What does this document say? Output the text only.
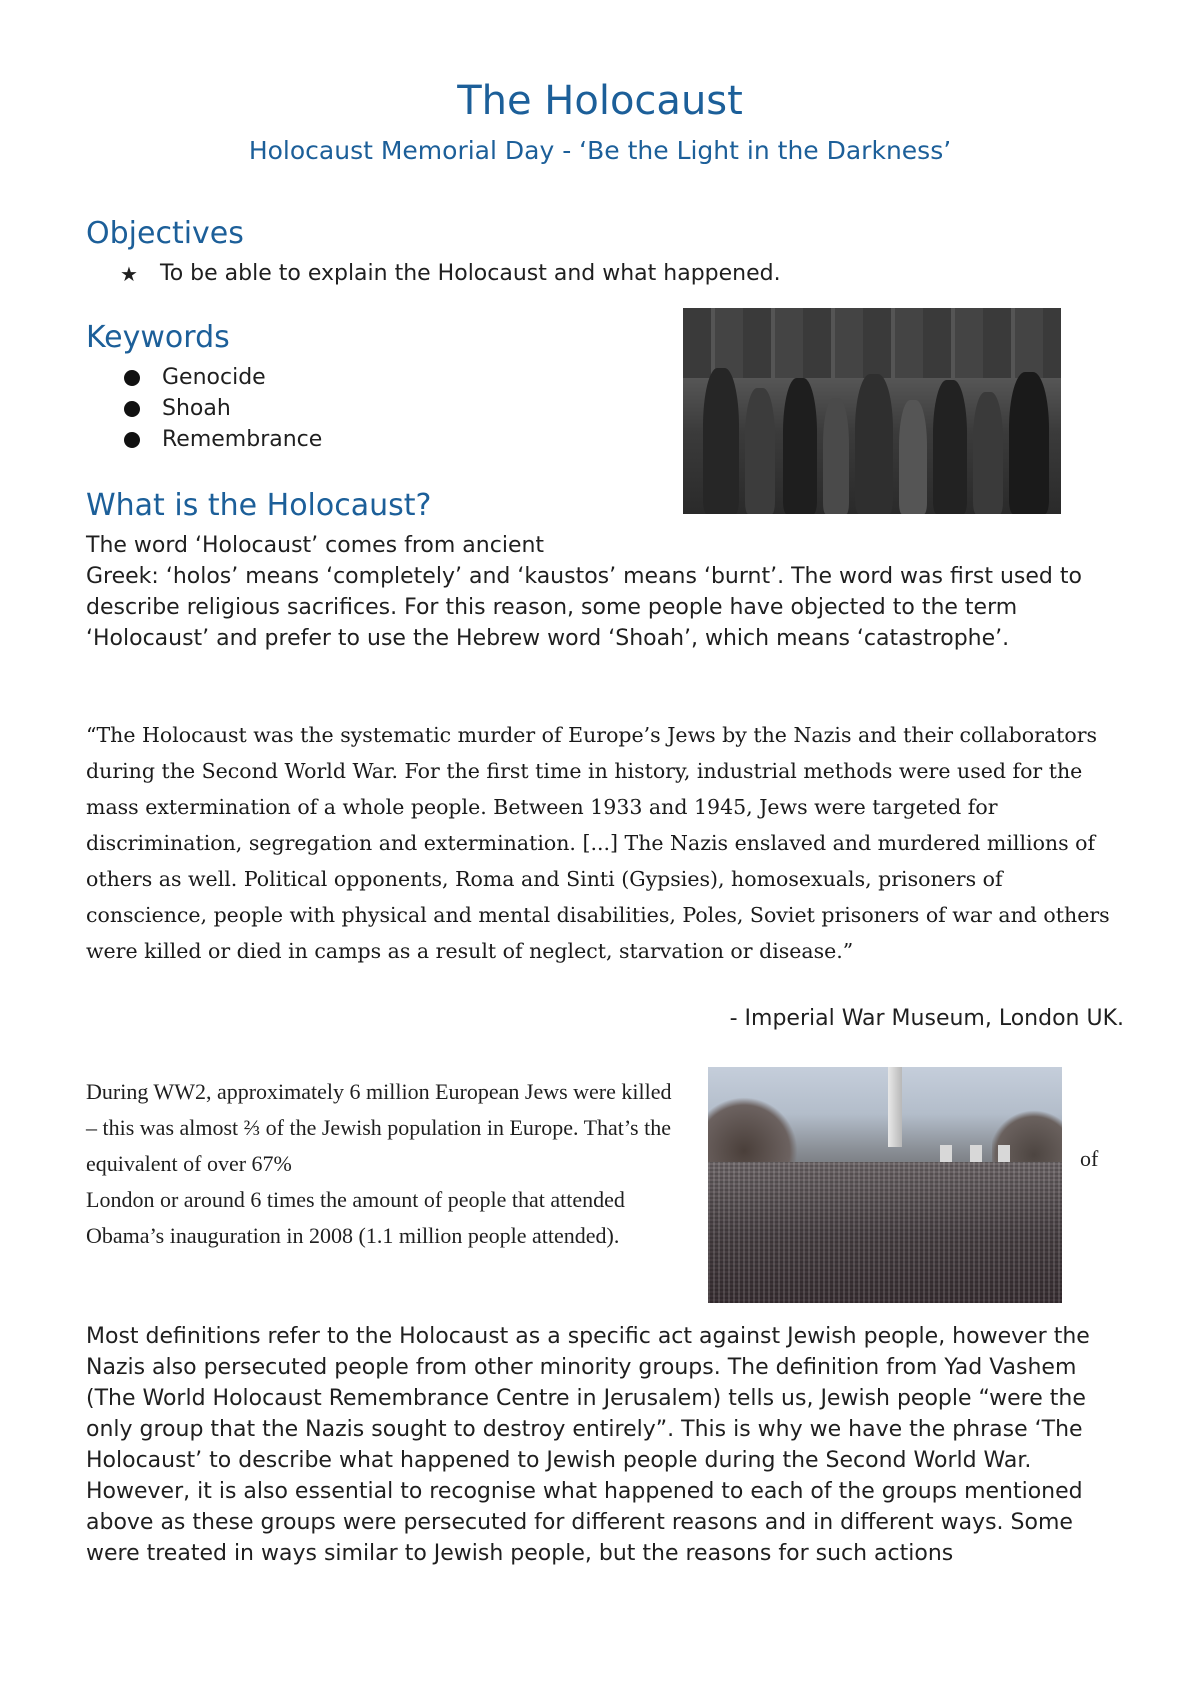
The Holocaust
Holocaust Memorial Day - ‘Be the Light in the Darkness’
Objectives
★ To be able to explain the Holocaust and what happened.
Keywords
Genocide
Shoah
Remembrance
What is the Holocaust?

The word ‘Holocaust’ comes from ancient

Greek: ‘holos’ means ‘completely’ and ‘kaustos’ means ‘burnt’. The word was first used to describe religious sacrifices. For this reason, some people have objected to the term ‘Holocaust’ and prefer to use the Hebrew word ‘Shoah’, which means ‘catastrophe’.

“The Holocaust was the systematic murder of Europe’s Jews by the Nazis and their collaborators during the Second World War. For the first time in history, industrial methods were used for the mass extermination of a whole people. Between 1933 and 1945, Jews were targeted for discrimination, segregation and extermination. [...] The Nazis enslaved and murdered millions of others as well. Political opponents, Roma and Sinti (Gypsies), homosexuals, prisoners of conscience, people with physical and mental disabilities, Poles, Soviet prisoners of war and others were killed or died in camps as a result of neglect, starvation or disease.”

- Imperial War Museum, London UK.

During WW2, approximately 6 million European Jews were killed – this was almost ⅔ of the Jewish population in Europe. That’s the equivalent of over 67%
London or around 6 times the amount of people that attended Obama’s inauguration in 2008 (1.1 million people attended).

of

Most definitions refer to the Holocaust as a specific act against Jewish people, however the Nazis also persecuted people from other minority groups. The definition from Yad Vashem (The World Holocaust Remembrance Centre in Jerusalem) tells us, Jewish people “were the only group that the Nazis sought to destroy entirely”. This is why we have the phrase ‘The Holocaust’ to describe what happened to Jewish people during the Second World War. However, it is also essential to recognise what happened to each of the groups mentioned above as these groups were persecuted for different reasons and in different ways. Some were treated in ways similar to Jewish people, but the reasons for such actions
